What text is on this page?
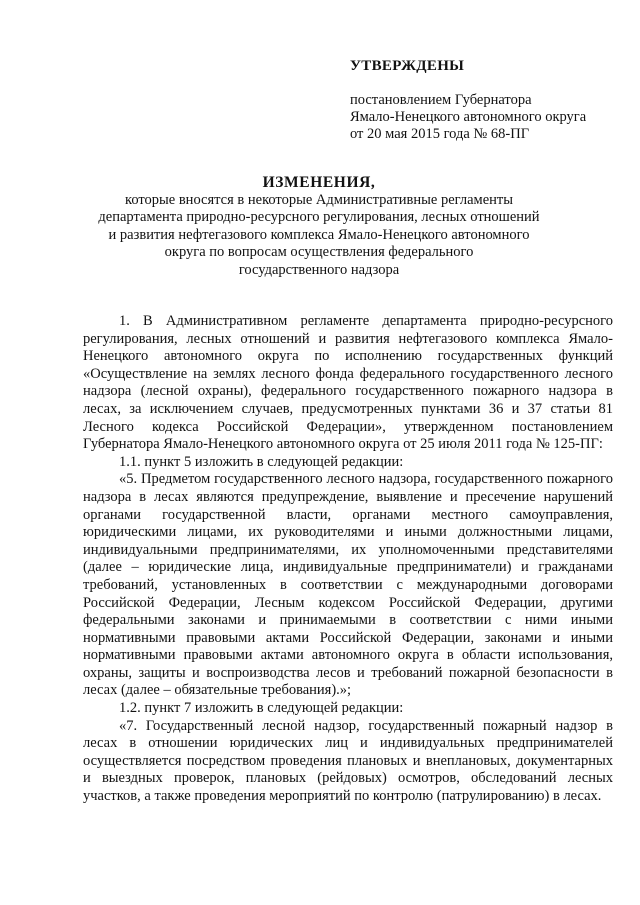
УТВЕРЖДЕНЫ
постановлением Губернатора
Ямало-Ненецкого автономного округа
от 20 мая 2015 года № 68-ПГ
ИЗМЕНЕНИЯ,
которые вносятся в некоторые Административные регламенты
департамента природно-ресурсного регулирования, лесных отношений
и развития нефтегазового комплекса Ямало-Ненецкого автономного
округа по вопросам осуществления федерального
государственного надзора

1. В Административном регламенте департамента природно-ресурсного регулирования, лесных отношений и развития нефтегазового комплекса Ямало-Ненецкого автономного округа по исполнению государственных функций «Осуществление на землях лесного фонда федерального государственного лесного надзора (лесной охраны), федерального государственного пожарного надзора в лесах, за исключением случаев, предусмотренных пунктами 36 и 37 статьи 81 Лесного кодекса Российской Федерации», утвержденном постановлением Губернатора Ямало-Ненецкого автономного округа от 25 июля 2011 года № 125-ПГ:

1.1. пункт 5 изложить в следующей редакции:

«5. Предметом государственного лесного надзора, государственного пожарного надзора в лесах являются предупреждение, выявление и пресечение нарушений органами государственной власти, органами местного самоуправления, юридическими лицами, их руководителями и иными должностными лицами, индивидуальными предпринимателями, их уполномоченными представителями (далее – юридические лица, индивидуальные предприниматели) и гражданами требований, установленных в соответствии с международными договорами Российской Федерации, Лесным кодексом Российской Федерации, другими федеральными законами и принимаемыми в соответствии с ними иными нормативными правовыми актами Российской Федерации, законами и иными нормативными правовыми актами автономного округа в области использования, охраны, защиты и воспроизводства лесов и требований пожарной безопасности в лесах (далее – обязательные требования).»;

1.2. пункт 7 изложить в следующей редакции:

«7. Государственный лесной надзор, государственный пожарный надзор в лесах в отношении юридических лиц и индивидуальных предпринимателей осуществляется посредством проведения плановых и внеплановых, документарных и выездных проверок, плановых (рейдовых) осмотров, обследований лесных участков, а также проведения мероприятий по контролю (патрулированию) в лесах.
